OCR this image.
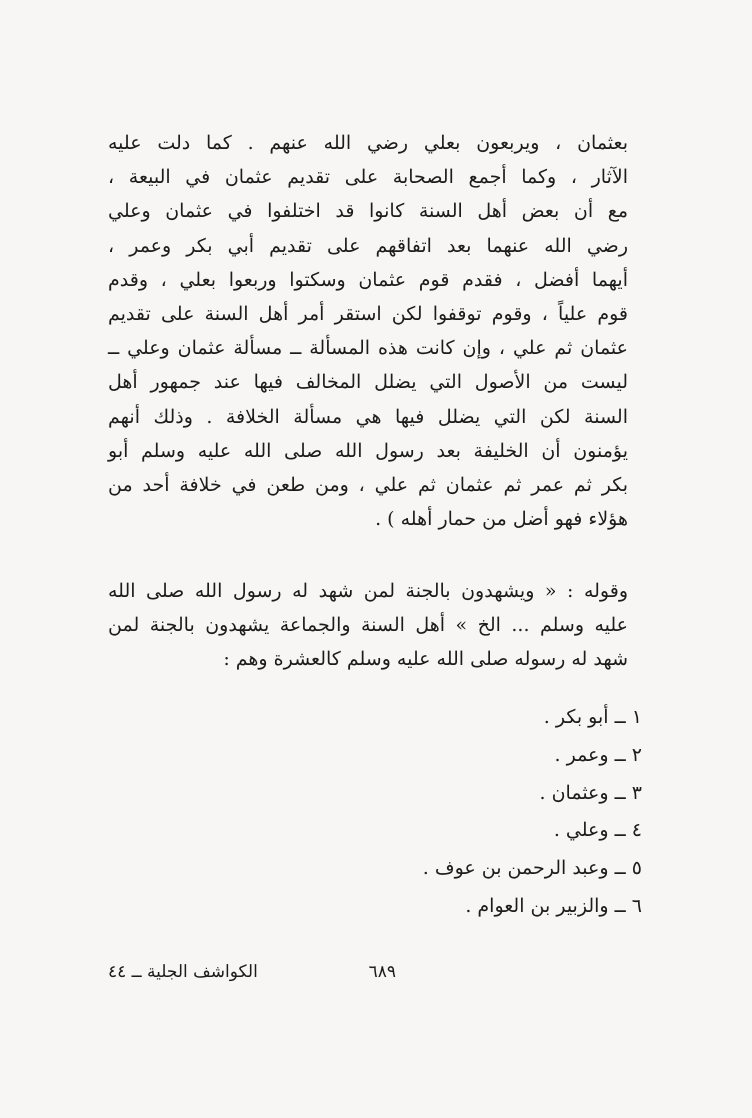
بعثمان ، ويربعون بعلي رضي الله عنهم . كما دلت عليه
الآثار ، وكما أجمع الصحابة على تقديم عثمان في البيعة ،
مع أن بعض أهل السنة كانوا قد اختلفوا في عثمان وعلي
رضي الله عنهما بعد اتفاقهم على تقديم أبي بكر وعمر ،
أيهما أفضل ، فقدم قوم عثمان وسكتوا وربعوا بعلي ، وقدم
قوم علياً ، وقوم توقفوا لكن استقر أمر أهل السنة على تقديم
عثمان ثم علي ، وإن كانت هذه المسألة ــ مسألة عثمان وعلي ــ
ليست من الأصول التي يضلل المخالف فيها عند جمهور أهل
السنة لكن التي يضلل فيها هي مسألة الخلافة . وذلك أنهم
يؤمنون أن الخليفة بعد رسول الله صلى الله عليه وسلم أبو
بكر ثم عمر ثم عثمان ثم علي ، ومن طعن في خلافة أحد من
هؤلاء فهو أضل من حمار أهله ) .
وقوله : « ويشهدون بالجنة لمن شهد له رسول الله صلى الله
عليه وسلم ... الخ » أهل السنة والجماعة يشهدون بالجنة لمن
شهد له رسوله صلى الله عليه وسلم كالعشرة وهم :
١ ــ أبو بكر .
٢ ــ وعمر .
٣ ــ وعثمان .
٤ ــ وعلي .
٥ ــ وعبد الرحمن بن عوف .
٦ ــ والزبير بن العوام .
٦٨٩
الكواشف الجلية ــ ٤٤
